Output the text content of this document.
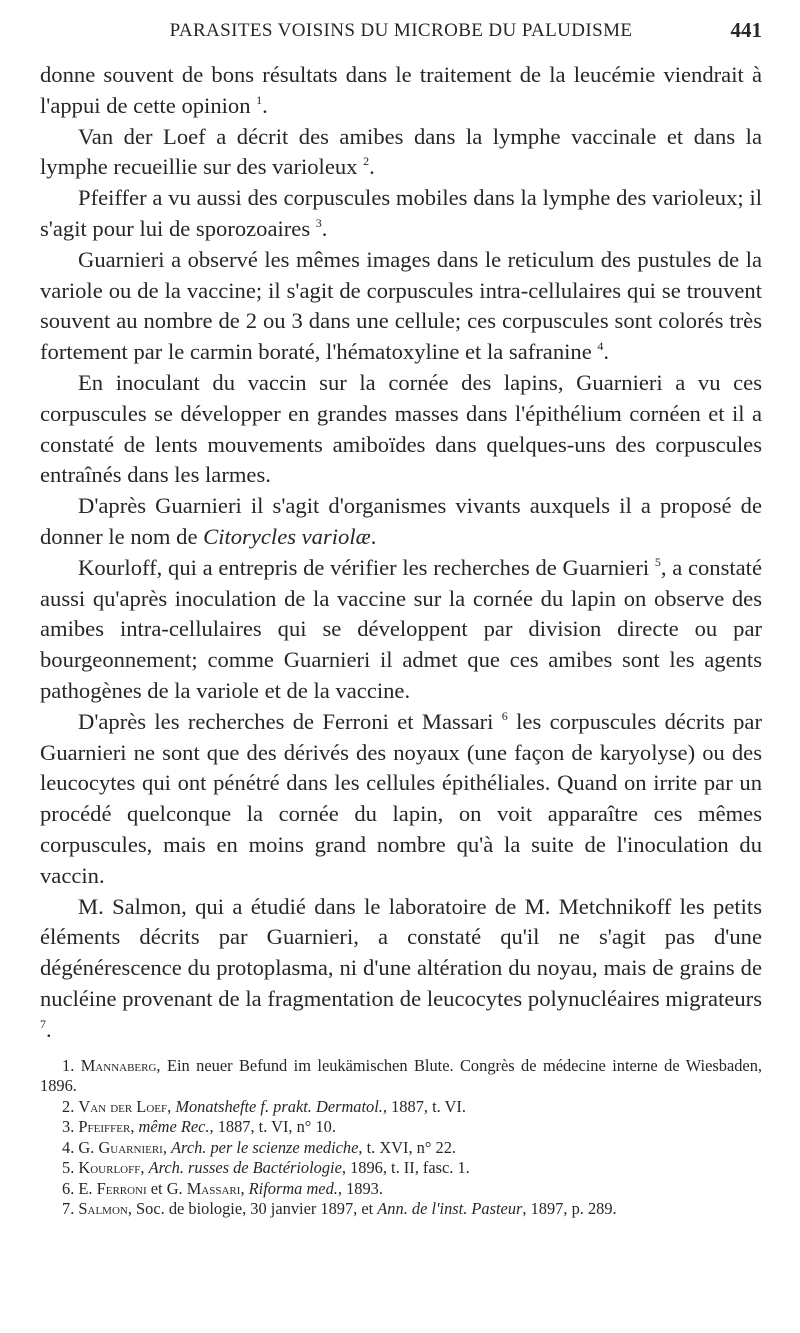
PARASITES VOISINS DU MICROBE DU PALUDISME	441

donne souvent de bons résultats dans le traitement de la leucémie viendrait à l'appui de cette opinion $^1$.

Van der Loef a décrit des amibes dans la lymphe vaccinale et dans la lymphe recueillie sur des varioleux $^2$.

Pfeiffer a vu aussi des corpuscules mobiles dans la lymphe des varioleux; il s'agit pour lui de sporozoaires $^3$.

Guarnieri a observé les mêmes images dans le reticulum des pustules de la variole ou de la vaccine; il s'agit de corpuscules intra-cellulaires qui se trouvent souvent au nombre de 2 ou 3 dans une cellule; ces corpuscules sont colorés très fortement par le carmin boraté, l'hématoxyline et la safranine $^4$.

En inoculant du vaccin sur la cornée des lapins, Guarnieri a vu ces corpuscules se développer en grandes masses dans l'épithélium cornéen et il a constaté de lents mouvements amiboïdes dans quelques-uns des corpuscules entraînés dans les larmes.

D'après Guarnieri il s'agit d'organismes vivants auxquels il a proposé de donner le nom de Citorycles variolæ.

Kourloff, qui a entrepris de vérifier les recherches de Guarnieri $^5$, a constaté aussi qu'après inoculation de la vaccine sur la cornée du lapin on observe des amibes intra-cellulaires qui se développent par division directe ou par bourgeonnement; comme Guarnieri il admet que ces amibes sont les agents pathogènes de la variole et de la vaccine.

D'après les recherches de Ferroni et Massari $^6$ les corpuscules décrits par Guarnieri ne sont que des dérivés des noyaux (une façon de karyolyse) ou des leucocytes qui ont pénétré dans les cellules épithéliales. Quand on irrite par un procédé quelconque la cornée du lapin, on voit apparaître ces mêmes corpuscules, mais en moins grand nombre qu'à la suite de l'inoculation du vaccin.

M. Salmon, qui a étudié dans le laboratoire de M. Metchnikoff les petits éléments décrits par Guarnieri, a constaté qu'il ne s'agit pas d'une dégénérescence du protoplasma, ni d'une altération du noyau, mais de grains de nucléine provenant de la fragmentation de leucocytes polynucléaires migrateurs $^7$.

1. Mannaberg, Ein neuer Befund im leukämischen Blute. Congrès de médecine interne de Wiesbaden, 1896.
2. Van der Loef, Monatshefte f. prakt. Dermatol., 1887, t. VI.
3. Pfeiffer, même Rec., 1887, t. VI, n° 10.
4. G. Guarnieri, Arch. per le scienze mediche, t. XVI, n° 22.
5. Kourloff, Arch. russes de Bactériologie, 1896, t. II, fasc. 1.
6. E. Ferroni et G. Massari, Riforma med., 1893.
7. Salmon, Soc. de biologie, 30 janvier 1897, et Ann. de l'inst. Pasteur, 1897, p. 289.
